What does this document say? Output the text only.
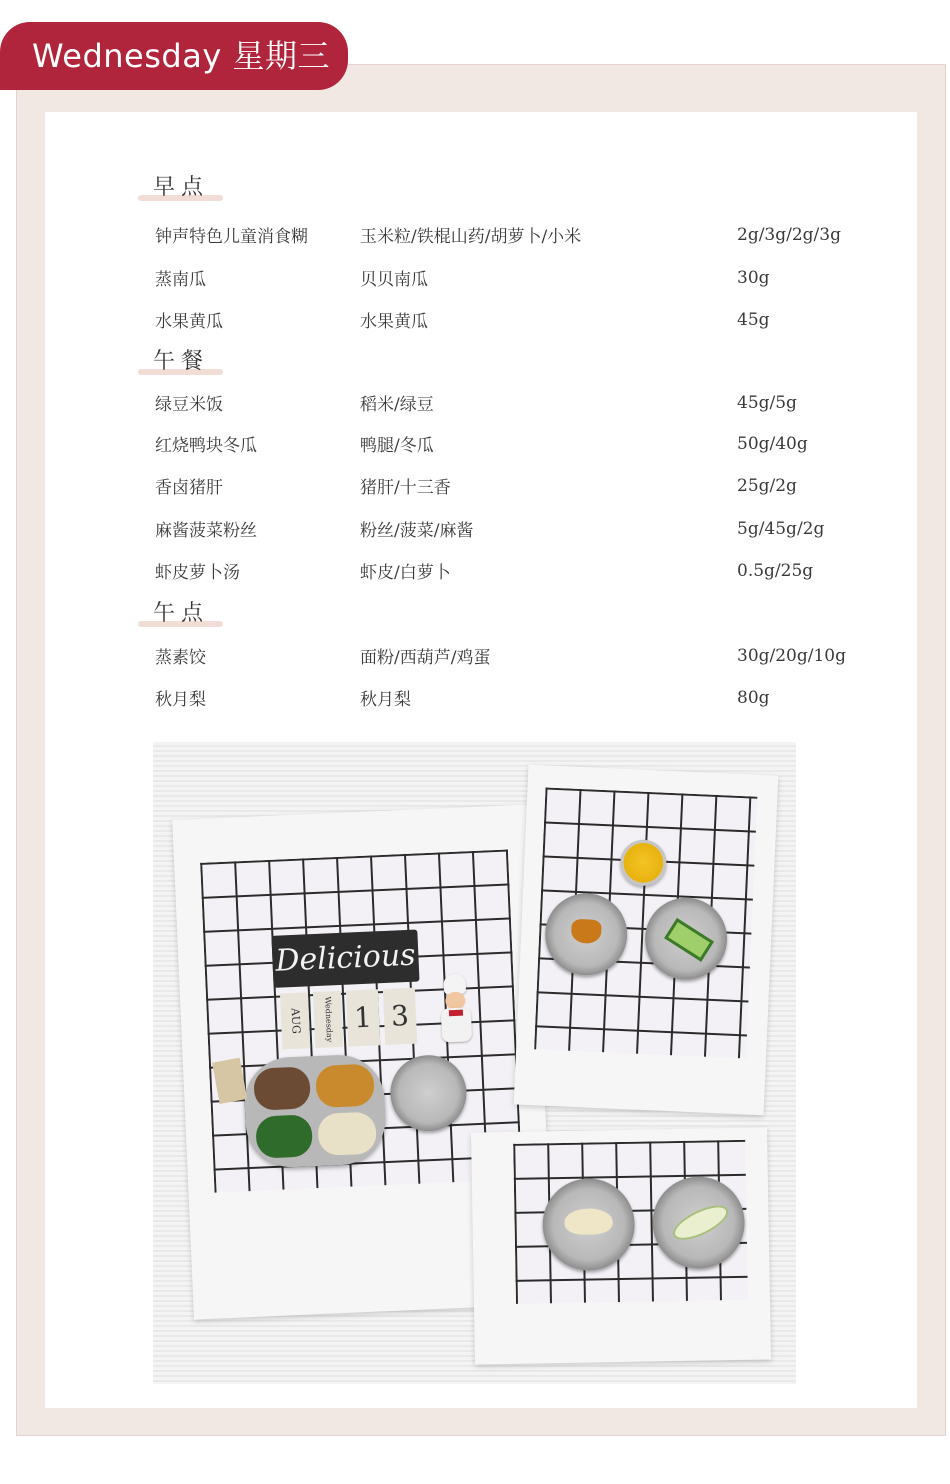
Wednesday 星期三
早点
钟声特色儿童消食糊	玉米粒/铁棍山药/胡萝卜/小米	2g/3g/2g/3g
蒸南瓜	贝贝南瓜	30g
水果黄瓜	水果黄瓜	45g
午餐
绿豆米饭	稻米/绿豆	45g/5g
红烧鸭块冬瓜	鸭腿/冬瓜	50g/40g
香卤猪肝	猪肝/十三香	25g/2g
麻酱菠菜粉丝	粉丝/菠菜/麻酱	5g/45g/2g
虾皮萝卜汤	虾皮/白萝卜	0.5g/25g
午点
蒸素饺	面粉/西葫芦/鸡蛋	30g/20g/10g
秋月梨	秋月梨	80g
Delicious
AUG	Wednesday 1 3
